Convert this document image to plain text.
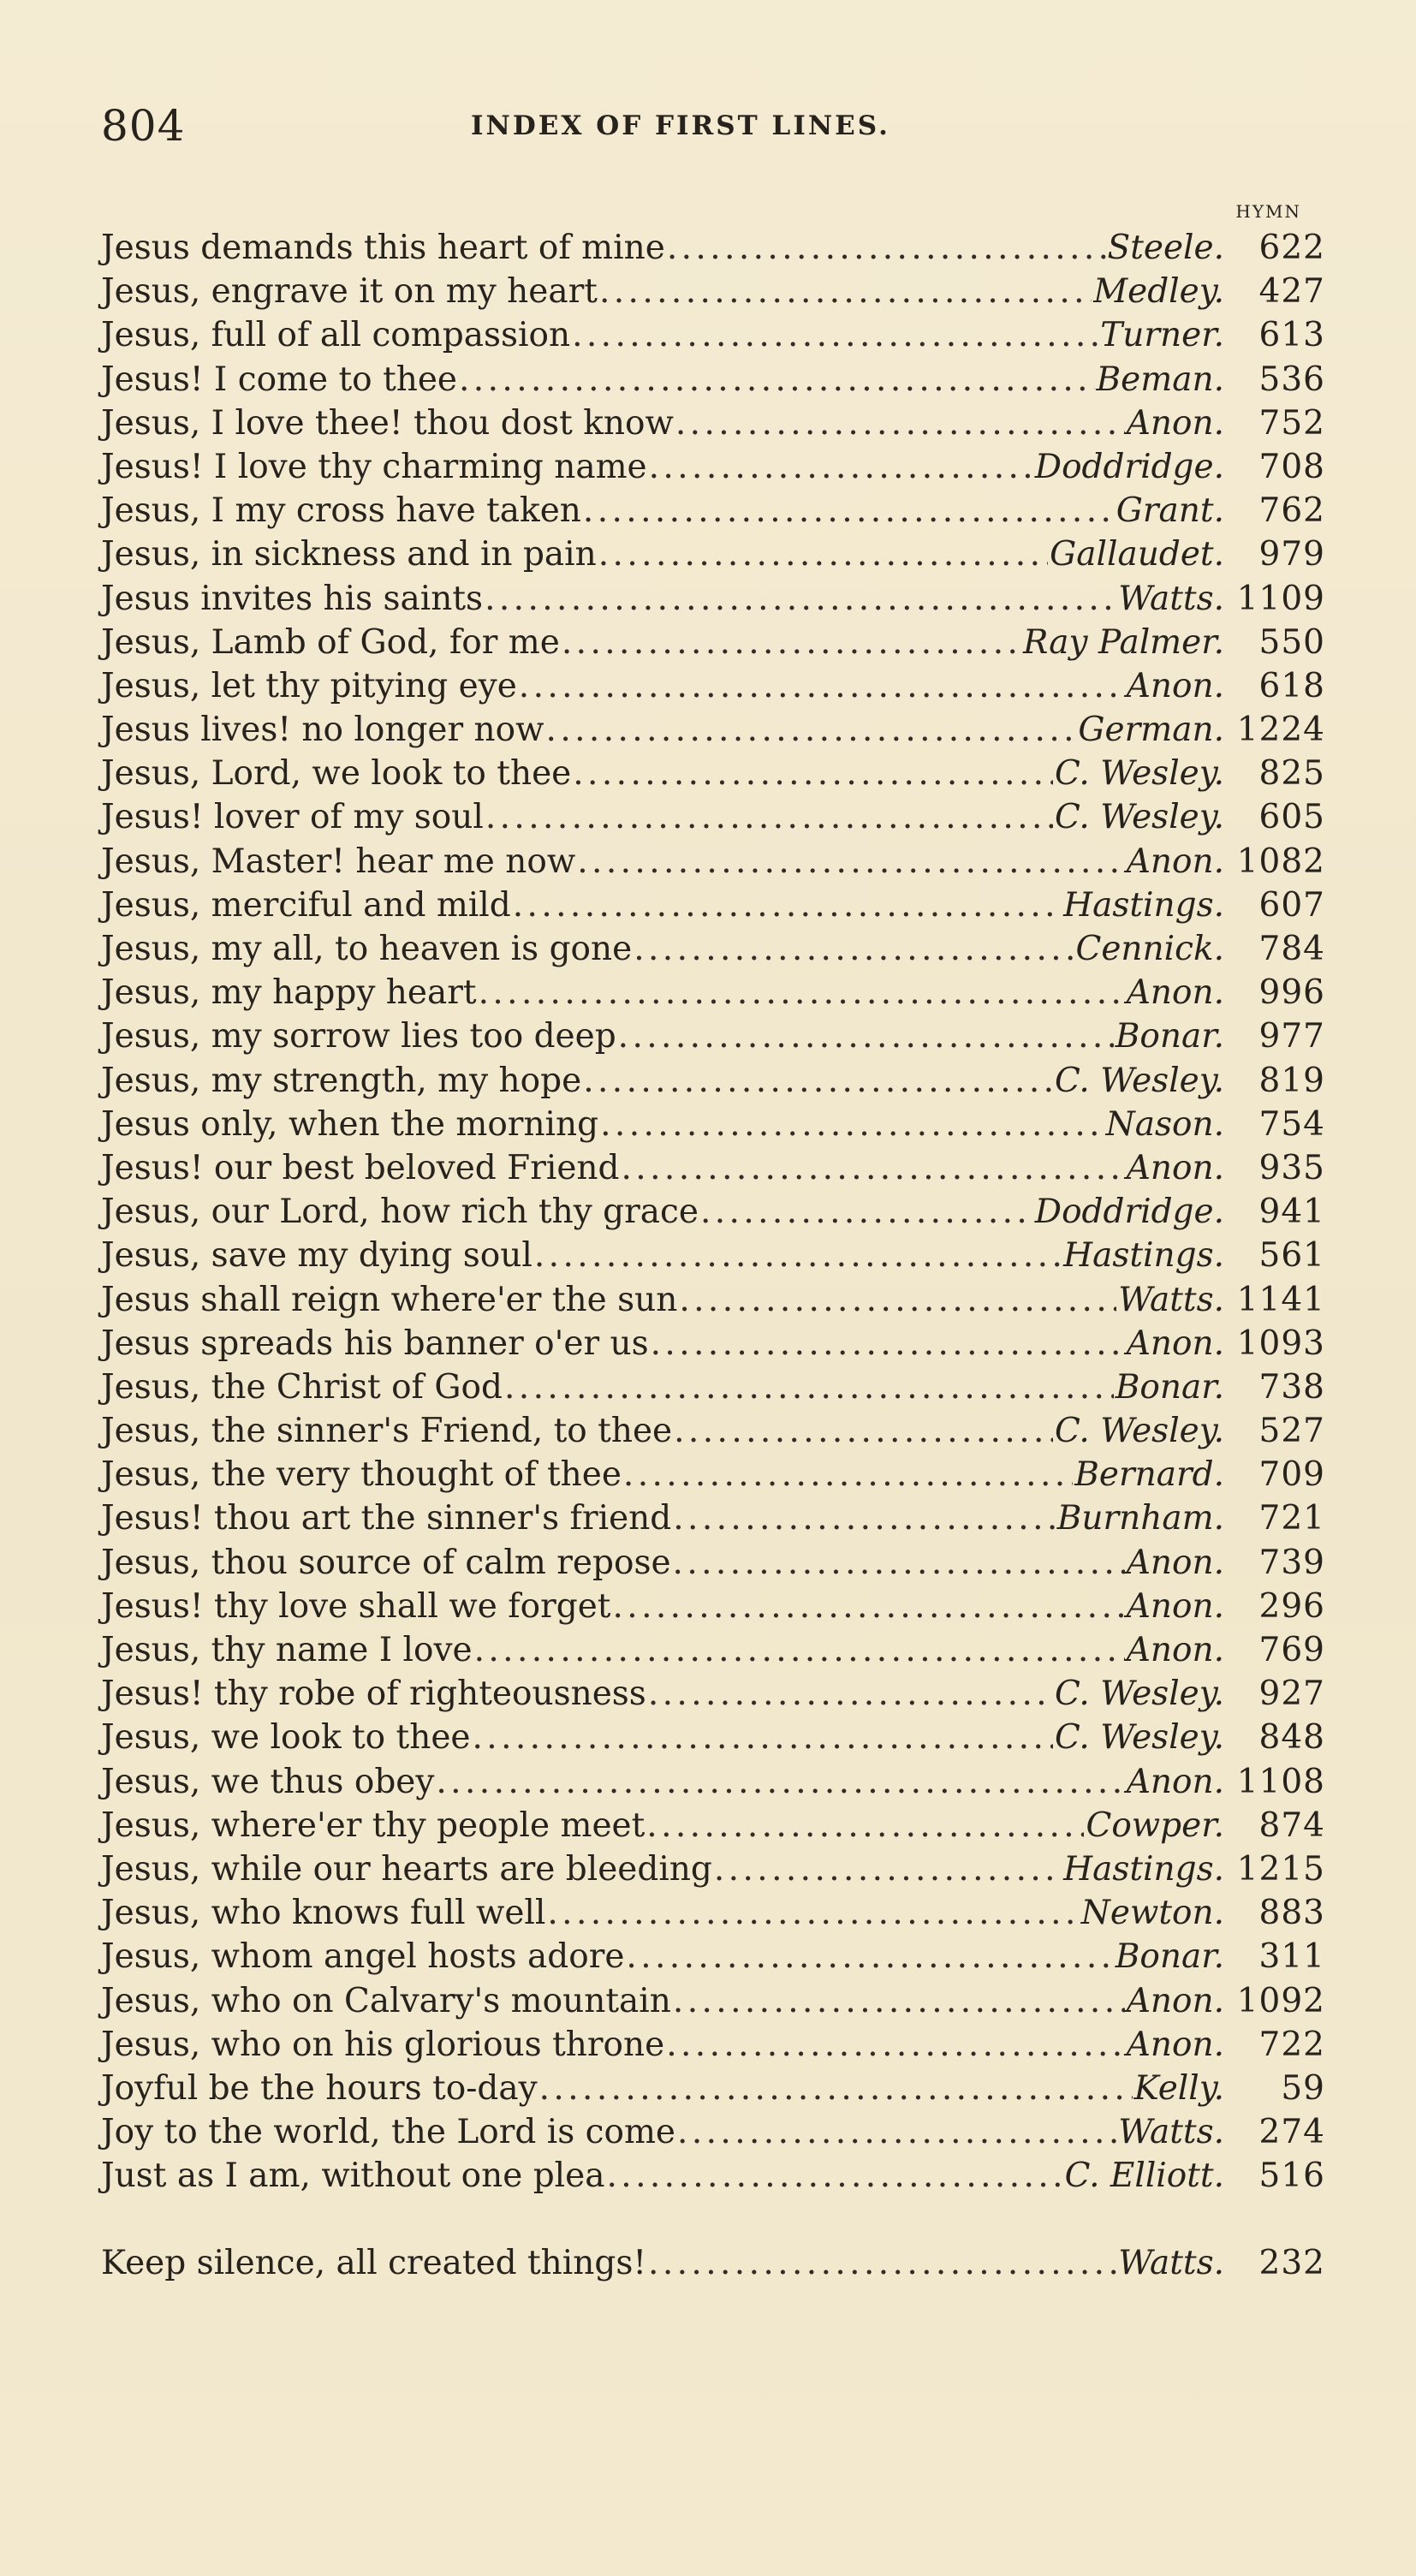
804	INDEX OF FIRST LINES.
HYMN
Jesus demands this heart of mine . . .	Steele.	622
Jesus, engrave it on my heart . . .	Medley.	427
Jesus, full of all compassion . . .	Turner.	613
Jesus! I come to thee . . .	Beman.	536
Jesus, I love thee! thou dost know . . .	Anon.	752
Jesus! I love thy charming name . . .	Doddridge.	708
Jesus, I my cross have taken . . .	Grant.	762
Jesus, in sickness and in pain . . .	Gallaudet.	979
Jesus invites his saints . . .	Watts. 1109
Jesus, Lamb of God, for me . . .	Ray Palmer.	550
Jesus, let thy pitying eye . . .	Anon.	618
Jesus lives! no longer now . . .	German. 1224
Jesus, Lord, we look to thee . . .	C. Wesley.	825
Jesus! lover of my soul . . .	C. Wesley.	605
Jesus, Master! hear me now . . .	Anon. 1082
Jesus, merciful and mild . . .	Hastings.	607
Jesus, my all, to heaven is gone . . .	Cennick.	784
Jesus, my happy heart . . .	Anon.	996
Jesus, my sorrow lies too deep . . .	Bonar.	977
Jesus, my strength, my hope . . .	C. Wesley.	819
Jesus only, when the morning . . .	Nason.	754
Jesus! our best beloved Friend . . .	Anon.	935
Jesus, our Lord, how rich thy grace . . .	Doddridge.	941
Jesus, save my dying soul . . .	Hastings.	561
Jesus shall reign where'er the sun . . .	Watts. 1141
Jesus spreads his banner o'er us . . .	Anon. 1093
Jesus, the Christ of God . . .	Bonar.	738
Jesus, the sinner's Friend, to thee . . .	C. Wesley.	527
Jesus, the very thought of thee . . .	Bernard.	709
Jesus! thou art the sinner's friend . . .	Burnham.	721
Jesus, thou source of calm repose . . .	Anon.	739
Jesus! thy love shall we forget . . .	Anon.	296
Jesus, thy name I love . . .	Anon.	769
Jesus! thy robe of righteousness . . .	C. Wesley.	927
Jesus, we look to thee . . .	C. Wesley.	848
Jesus, we thus obey . . .	Anon. 1108
Jesus, where'er thy people meet . . .	Cowper.	874
Jesus, while our hearts are bleeding . . .	Hastings. 1215
Jesus, who knows full well . . .	Newton.	883
Jesus, whom angel hosts adore . . .	Bonar.	311
Jesus, who on Calvary's mountain . . .	Anon. 1092
Jesus, who on his glorious throne . . .	Anon.	722
Joyful be the hours to-day . . .	Kelly.	59
Joy to the world, the Lord is come . . .	Watts.	274
Just as I am, without one plea . . .	C. Elliott.	516
Keep silence, all created things! . . .	Watts.	232
